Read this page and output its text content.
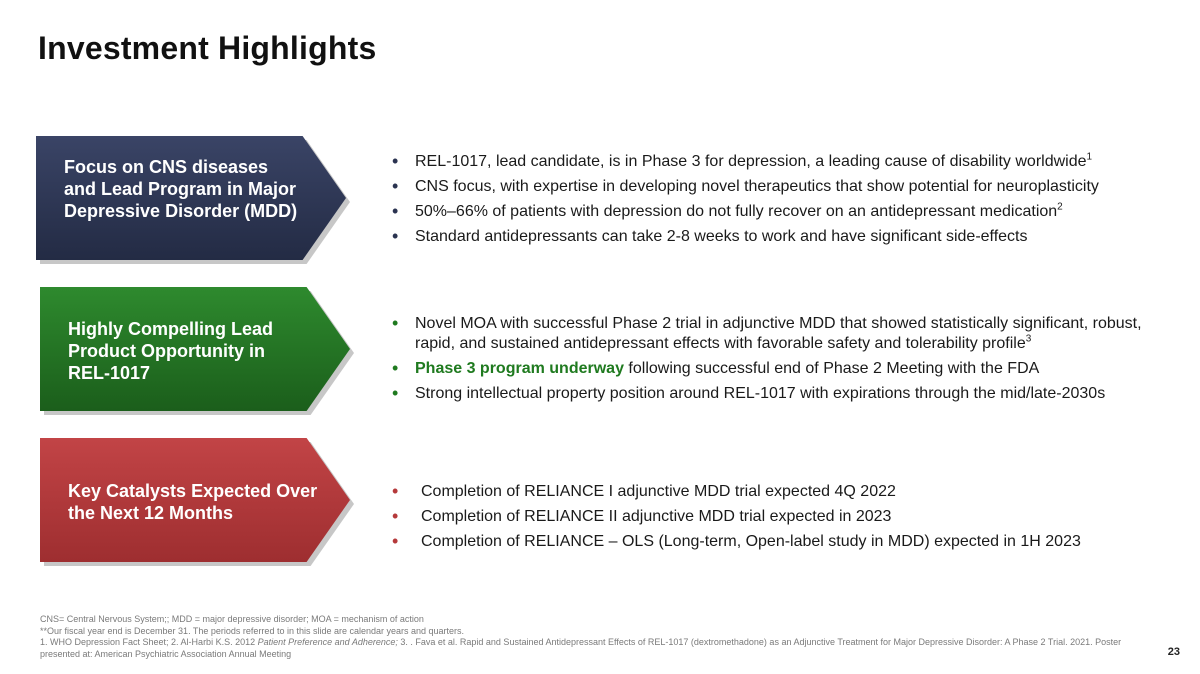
Investment Highlights
Focus on CNS diseases and Lead Program in Major Depressive Disorder (MDD)
• REL-1017, lead candidate, is in Phase 3 for depression, a leading cause of disability worldwide$^1$
• CNS focus, with expertise in developing novel therapeutics that show potential for neuroplasticity
• 50%–66% of patients with depression do not fully recover on an antidepressant medication$^2$
• Standard antidepressants can take 2-8 weeks to work and have significant side-effects
Highly Compelling Lead Product Opportunity in REL-1017
• Novel MOA with successful Phase 2 trial in adjunctive MDD that showed statistically significant, robust, rapid, and sustained antidepressant effects with favorable safety and tolerability profile$^3$
• Phase 3 program underway following successful end of Phase 2 Meeting with the FDA
• Strong intellectual property position around REL-1017 with expirations through the mid/late-2030s
Key Catalysts Expected Over the Next 12 Months
• Completion of RELIANCE I adjunctive MDD trial expected 4Q 2022
• Completion of RELIANCE II adjunctive MDD trial expected in 2023
• Completion of RELIANCE – OLS (Long-term, Open-label study in MDD) expected in 1H 2023
CNS= Central Nervous System;; MDD = major depressive disorder; MOA = mechanism of action
**Our fiscal year end is December 31. The periods referred to in this slide are calendar years and quarters.
1. WHO Depression Fact Sheet; 2. Al-Harbi K.S. 2012 Patient Preference and Adherence; 3. . Fava et al. Rapid and Sustained Antidepressant Effects of REL-1017 (dextromethadone) as an Adjunctive Treatment for Major Depressive Disorder: A Phase 2 Trial. 2021. Poster presented at: American Psychiatric Association Annual Meeting	23
